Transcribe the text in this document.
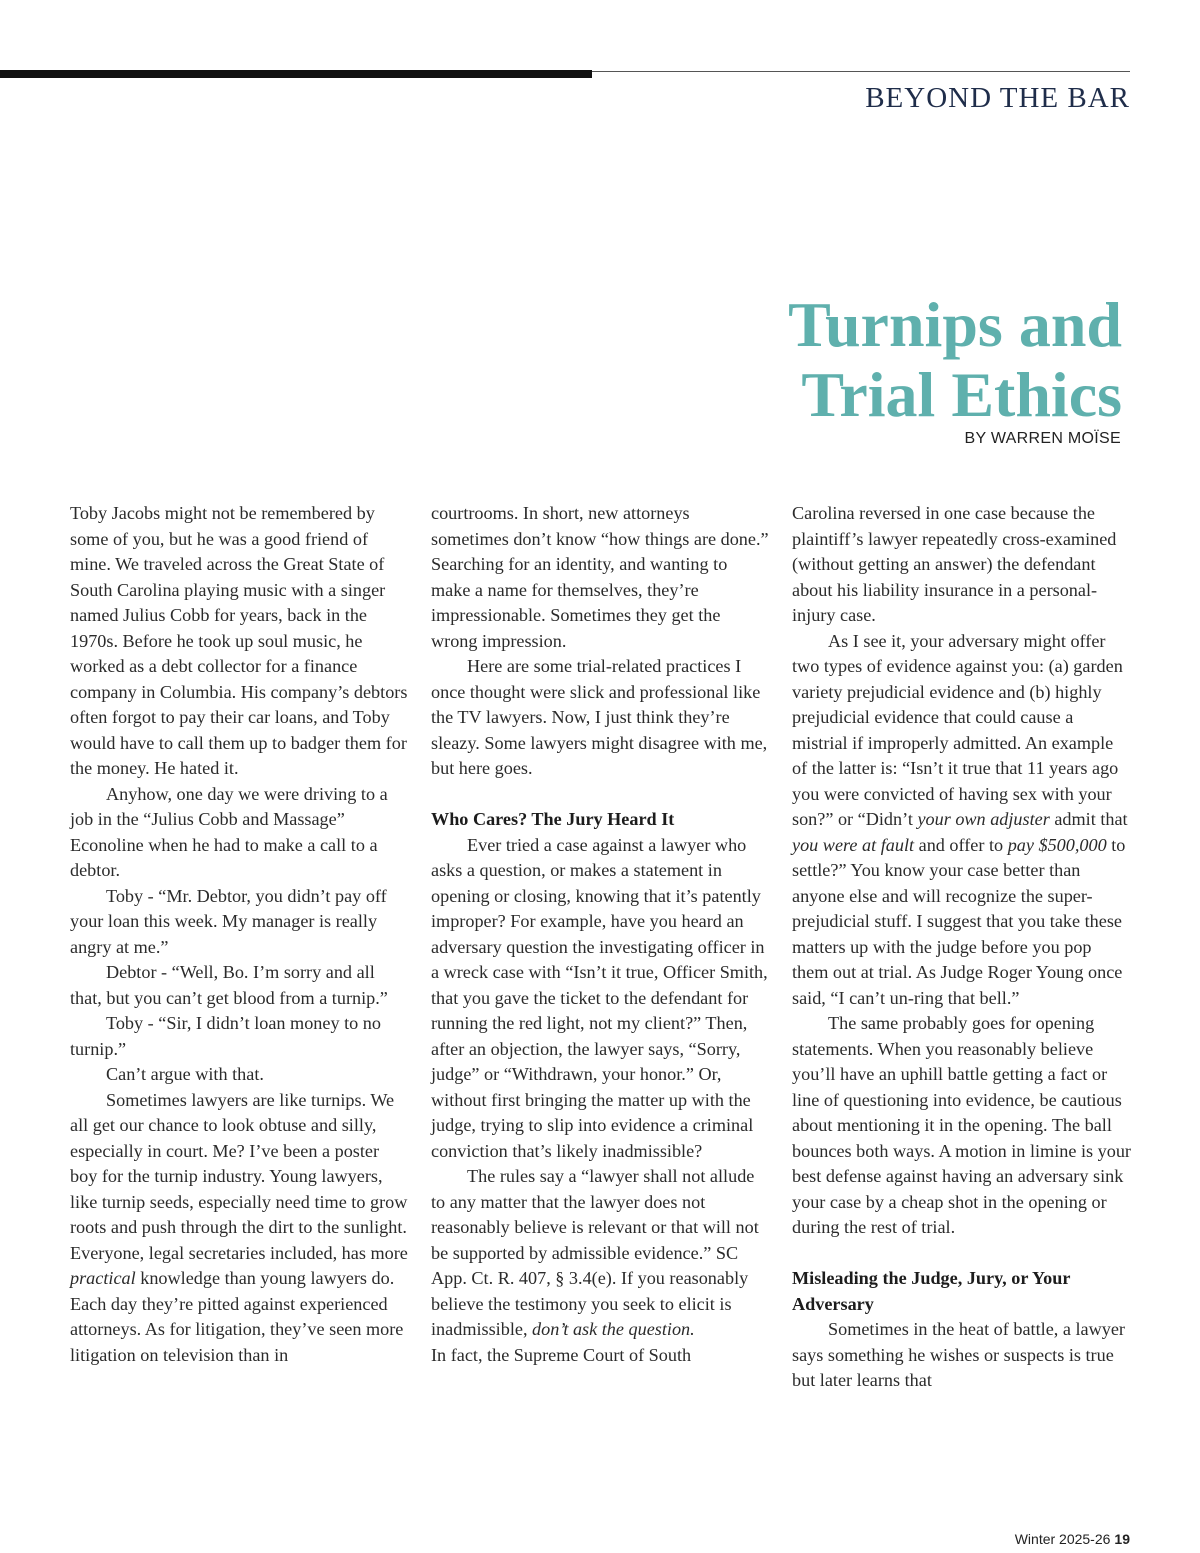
BEYOND THE BAR
Turnips and
Trial Ethics
BY WARREN MOÏSE

Toby Jacobs might not be remembered by some of you, but he was a good friend of mine. We traveled across the Great State of South Carolina playing music with a singer named Julius Cobb for years, back in the 1970s. Before he took up soul music, he worked as a debt collector for a finance company in Columbia. His company’s debtors often forgot to pay their car loans, and Toby would have to call them up to badger them for the money. He hated it.

Anyhow, one day we were driving to a job in the “Julius Cobb and Massage” Econoline when he had to make a call to a debtor.

Toby - “Mr. Debtor, you didn’t pay off your loan this week. My manager is really angry at me.”

Debtor - “Well, Bo. I’m sorry and all that, but you can’t get blood from a turnip.”

Toby - “Sir, I didn’t loan money to no turnip.”

Can’t argue with that.

Sometimes lawyers are like turnips. We all get our chance to look obtuse and silly, especially in court. Me? I’ve been a poster boy for the turnip industry. Young lawyers, like turnip seeds, especially need time to grow roots and push through the dirt to the sunlight. Everyone, legal secretaries included, has more practical knowledge than young lawyers do. Each day they’re pitted against experienced attorneys. As for litigation, they’ve seen more litigation on television than in

courtrooms. In short, new attorneys sometimes don’t know “how things are done.” Searching for an identity, and wanting to make a name for themselves, they’re impressionable. Sometimes they get the wrong impression.

Here are some trial-related practices I once thought were slick and professional like the TV lawyers. Now, I just think they’re sleazy. Some lawyers might disagree with me, but here goes.

Who Cares? The Jury Heard It

Ever tried a case against a lawyer who asks a question, or makes a statement in opening or closing, knowing that it’s patently improper? For example, have you heard an adversary question the investigating officer in a wreck case with “Isn’t it true, Officer Smith, that you gave the ticket to the defendant for running the red light, not my client?” Then, after an objection, the lawyer says, “Sorry, judge” or “Withdrawn, your honor.” Or, without first bringing the matter up with the judge, trying to slip into evidence a criminal conviction that’s likely inadmissible?

The rules say a “lawyer shall not allude to any matter that the lawyer does not reasonably believe is relevant or that will not be supported by admissible evidence.” SC App. Ct. R. 407, § 3.4(e). If you reasonably believe the testimony you seek to elicit is inadmissible, don’t ask the question.

In fact, the Supreme Court of South

Carolina reversed in one case because the plaintiff’s lawyer repeatedly cross-examined (without getting an answer) the defendant about his liability insurance in a personal-injury case.

As I see it, your adversary might offer two types of evidence against you: (a) garden variety prejudicial evidence and (b) highly prejudicial evidence that could cause a mistrial if improperly admitted. An example of the latter is: “Isn’t it true that 11 years ago you were convicted of having sex with your son?” or “Didn’t your own adjuster admit that you were at fault and offer to pay $500,000 to settle?” You know your case better than anyone else and will recognize the super-prejudicial stuff. I suggest that you take these matters up with the judge before you pop them out at trial. As Judge Roger Young once said, “I can’t un-ring that bell.”

The same probably goes for opening statements. When you reasonably believe you’ll have an uphill battle getting a fact or line of questioning into evidence, be cautious about mentioning it in the opening. The ball bounces both ways. A motion in limine is your best defense against having an adversary sink your case by a cheap shot in the opening or during the rest of trial.

Misleading the Judge, Jury, or Your Adversary

Sometimes in the heat of battle, a lawyer says something he wishes or suspects is true but later learns that

Winter 2025-26 19
